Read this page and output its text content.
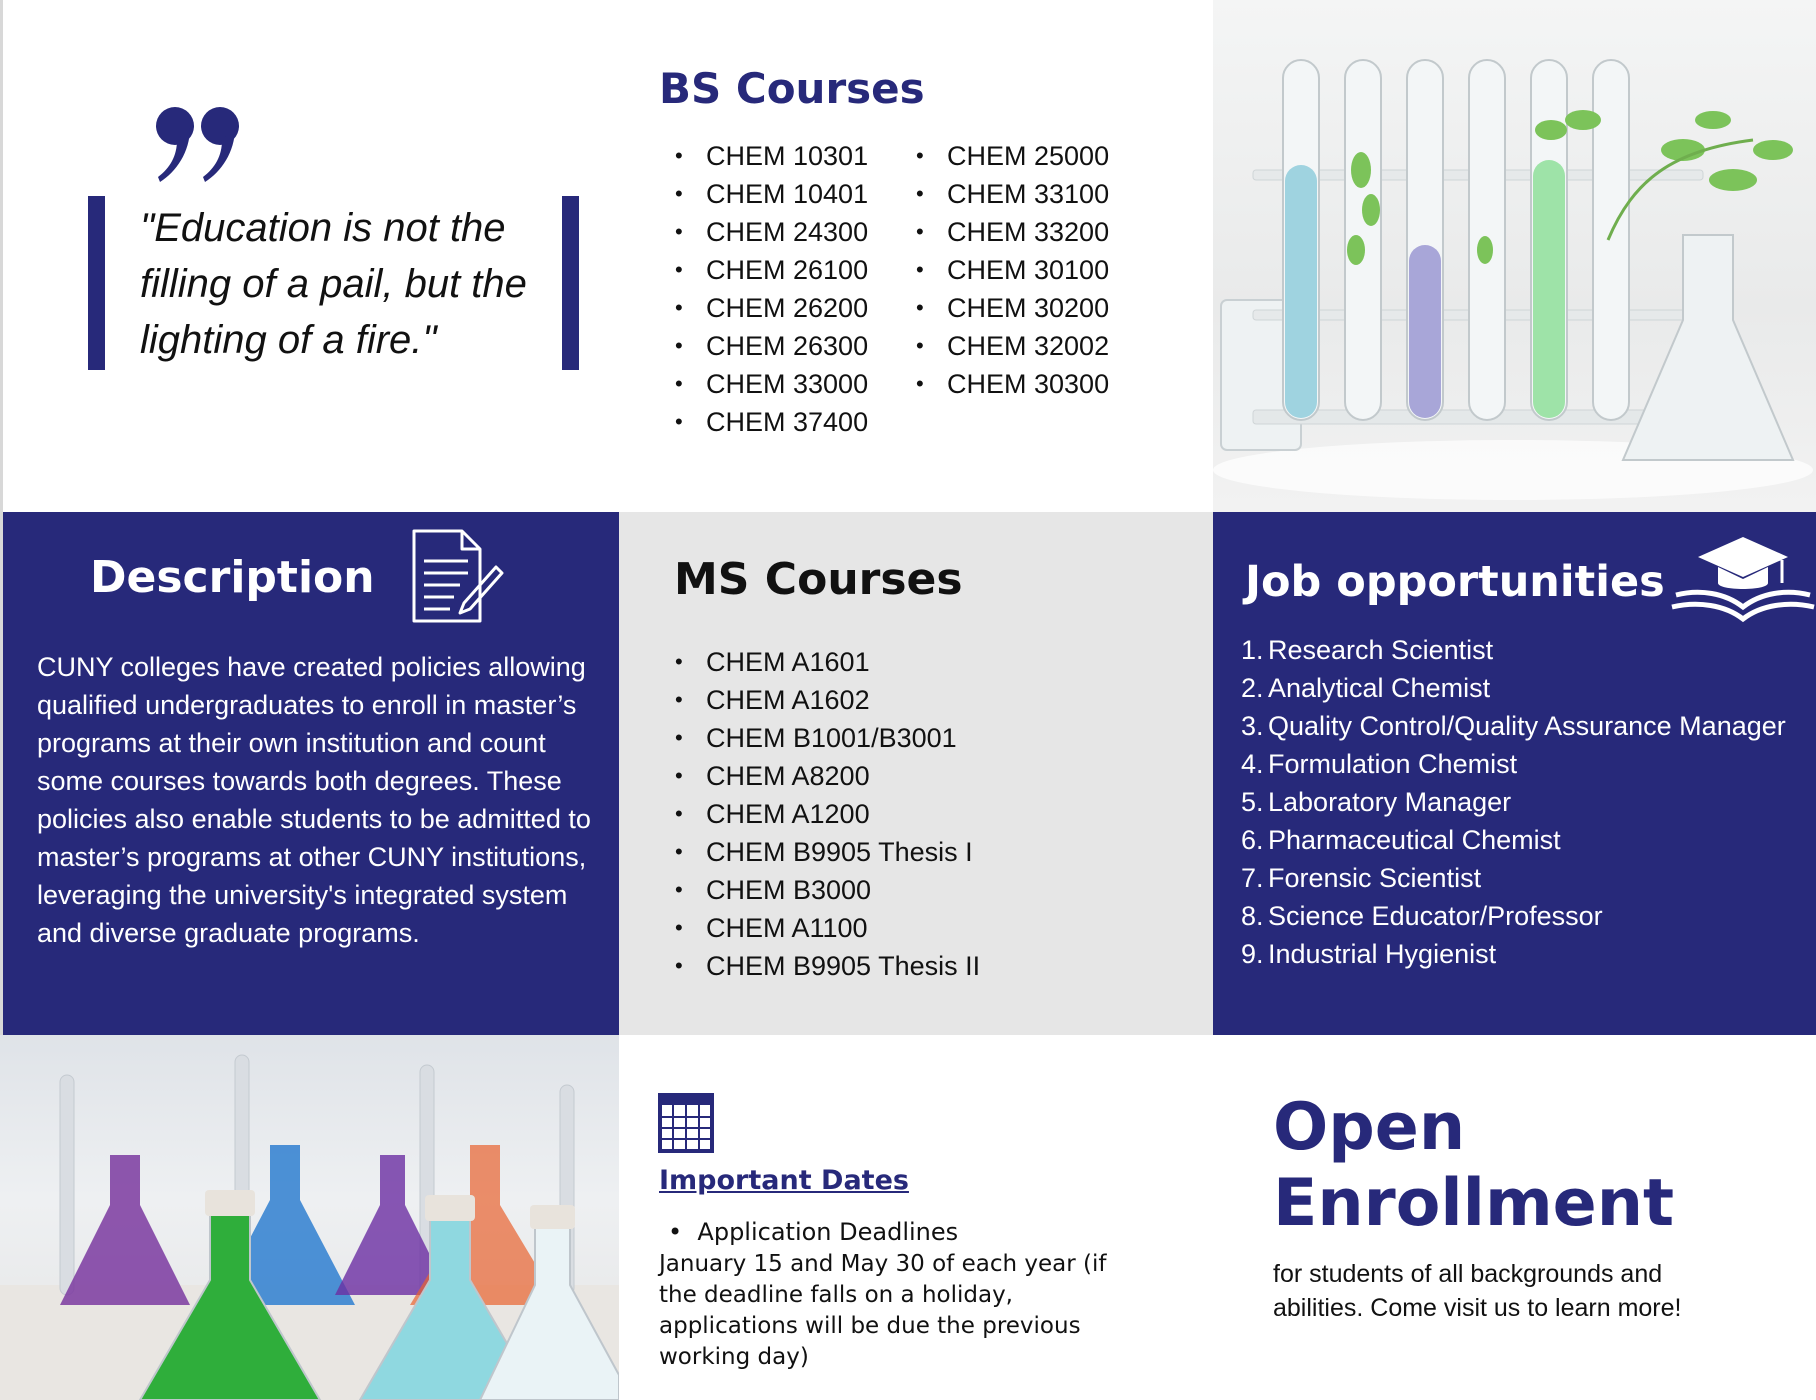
"Education is not the filling of a pail, but the lighting of a fire."
BS Courses
• CHEM 10301
• CHEM 10401
• CHEM 24300
• CHEM 26100
• CHEM 26200
• CHEM 26300
• CHEM 33000
• CHEM 37400
• CHEM 25000
• CHEM 33100
• CHEM 33200
• CHEM 30100
• CHEM 30200
• CHEM 32002
• CHEM 30300
Description
CUNY colleges have created policies allowing qualified undergraduates to enroll in master’s programs at their own institution and count some courses towards both degrees. These policies also enable students to be admitted to master’s programs at other CUNY institutions, leveraging the university's integrated system and diverse graduate programs.
MS Courses
• CHEM A1601
• CHEM A1602
• CHEM B1001/B3001
• CHEM A8200
• CHEM A1200
• CHEM B9905 Thesis I
• CHEM B3000
• CHEM A1100
• CHEM B9905 Thesis II
Job opportunities
1. Research Scientist
2. Analytical Chemist
3. Quality Control/Quality Assurance Manager
4. Formulation Chemist
5. Laboratory Manager
6. Pharmaceutical Chemist
7. Forensic Scientist
8. Science Educator/Professor
9. Industrial Hygienist
Important Dates
•  Application Deadlines
January 15 and May 30 of each year (if the deadline falls on a holiday, applications will be due the previous working day)
Open
Enrollment
for students of all backgrounds and abilities. Come visit us to learn more!
